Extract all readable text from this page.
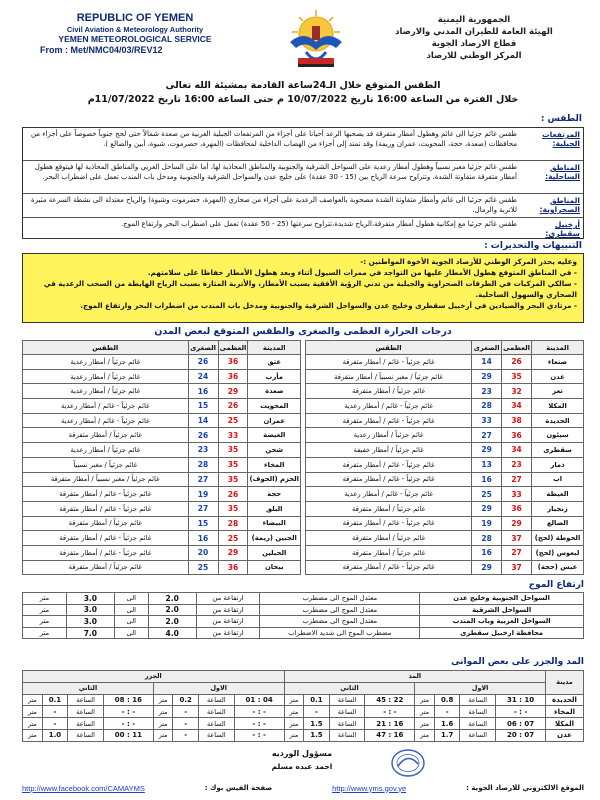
REPUBLIC OF YEMEN
Civil Aviation & Meteorology Authority
YEMEN METEOROLOGICAL SERVICE
From : Met/NMC04/03/REV12
الجمهورية اليمنية
الهيئة العامة للطيران المدني والارصاد
قطاع الارصاد الجوية
المركز الوطني للارصاد
الطقس المتوقع خلال الـ24ساعة القادمة بمشيئة الله تعالى
خلال الفترة من الساعة 16:00 تاريخ 10/07/2022 م حتى الساعة 16:00 تاريخ 11/07/2022م
الطقس :
المرتفعات الجبلية:
طقس غائم جزئيا الى غائم وهطول أمطار متفرقة قد يصحبها الرعد أحيانا على أجزاء من المرتفعات الجبلية الغربية من صعدة شمالاً حتى لحج جنوباً خصوصاً على أجزاء من محافظات (صعدة، حجة، المحويت، عمران وريمة) وقد تمتد إلى أجزاء من الهضاب الداخلية لمحافظات (المهرة، حضرموت، شبوة، أبين والضالع ).
المناطق الساحلية:
طقس غائم جزئيا مغبر نسبياً وهطول أمطار رعدية على السواحل الشرقية والجنوبية والمناطق المحاذية لها، أما على الساحل الغربي والمناطق المحاذية لها فيتوقع هطول أمطار متفرقة متفاوتة الشدة، وتتراوح سرعة الرياح بين (15 - 30 عقدة) على خليج عدن والسواحل الشرقية والجنوبية ومدخل باب المندب تعمل على اضطراب البحر.
المناطق الصحراوية:
طقس غائم جزئيا الى غائم وأمطار متفاوتة الشدة مصحوبة بالعواصف الرعدية على أجزاء من صحاري (المهرة، حضرموت وشبوة) والرياح معتدلة الى نشطة السرعة مثيرة للاتربة والرمال.
أرخبيل سقطرى:
طقس غائم جزئيا مع إمكانية هطول أمطار متفرقة،الرياح شديدة،تتراوح سرعتها (25 - 50 عقدة) تعمل على اضطراب البحر وارتفاع الموج.
التنبيهات والتحذيرات :
وعليه يحذر المركز الوطني للأرصاد الجوية الأخوة المواطنين :-
- في المناطق المتوقع هطول الأمطار عليها من التواجد في ممرات السيول أثناء وبعد هطول الأمطار حفاظا على سلامتهم.
- سالكي المركبات في الطرقات الصحراوية والجبلية من تدني الرؤية الأفقية بسبب الأمطار، والأتربة المثارة بسبب الرياح الهابطة من السحب الرعدية في الصحاري والسهول الساحلية.
- مرتادي البحر والصيادين في أرخبيل سقطرى وخليج عدن والسواحل الشرقية والجنوبية ومدخل باب المندب من اضطراب البحر وارتفاع الموج.
درجات الحرارة العظمى والصغرى والطقس المتوقع لبعض المدن
المدينة	العظمى	الصغرى	الطقس
صنعاء	26	14	غائم جزئياً - غائم / أمطار متفرقة
عدن	35	29	غائم جزئياً / مغبر نسبياً / أمطار متفرقة
تعز	32	23	غائم جزئياً / أمطار متفرقة
المكلا	34	28	غائم جزئياً - غائم / أمطار رعدية
الحديدة	38	33	غائم جزئياً - غائم / أمطار متفرقة
سيئون	36	27	غائم جزئياً / أمطار رعدية
سقطرى	34	29	غائم جزئياً / أمطار خفيفة
ذمار	23	13	غائم جزئياً - غائم / أمطار متفرقة
اب	27	16	غائم جزئياً - غائم / أمطار متفرقة
الغيظة	33	25	غائم جزئياً - غائم / أمطار رعدية
زنجبار	36	29	غائم جزئياً / أمطار متفرقة
الضالع	29	19	غائم جزئياً - غائم / أمطار متفرقة
الحوطة (لحج)	37	28	غائم جزئياً / أمطار متفرقة
لبعوس (لحج)	27	16	غائم جزئياً / أمطار متفرقة
عبس (حجة)	37	29	غائم جزئياً - غائم / أمطار متفرقة
المدينة	العظمى	الصغرى	الطقس
عتق	36	26	غائم جزئياً / أمطار رعدية
مأرب	36	24	غائم جزئياً / أمطار رعدية
صعدة	29	16	غائم جزئياً / أمطار رعدية
المحويت	26	15	غائم جزئياً - غائم / أمطار رعدية
عمران	25	14	غائم جزئياً - غائم / أمطار رعدية
الغيضة	33	26	غائم جزئياً / أمطار متفرقة
شحن	35	23	غائم جزئياً / أمطار رعدية
المخاء	35	28	غائم جزئياً / مغبر نسبياً
الحزم (الجوف)	35	27	غائم جزئياً / مغبر نسبياً / أمطار متفرقة
حجة	26	19	غائم جزئياً - غائم / أمطار متفرقة
البلق	35	27	غائم جزئياً - غائم / أمطار متفرقة
البيضاء	28	15	غائم جزئياً / أمطار متفرقة
الجبين (ريمة)	25	16	غائم جزئياً - غائم / أمطار متفرقة
الحبلين	29	20	غائم جزئياً - غائم / أمطار متفرقة
بيحان	36	25	غائم جزئياً / أمطار متفرقة
ارتفاع الموج
السواحل الجنوبية وخليج عدن	معتدل الموج الى مضطرب	ارتفاعة من	2.0	الى	3.0	متر
السواحل الشرقية	معتدل الموج الى مضطرب	ارتفاعة من	2.0	الى	3.0	متر
السواحل الغربية وباب المندب	معتدل الموج الى مضطرب	ارتفاعة من	2.0	الى	3.0	متر
محافظة ارخبيل سقطرى	مضطرب الموج الى شديد الاضطراب	ارتفاعة من	4.0	الى	7.0	متر
المد والجزر على بعض الموانى
مدينة	المد								الجزر							
	الاول				الثاني				الاول				الثاني			
الحديدة	10 : 31	الساعة	0.8	متر	22 : 45	الساعة	0.1	متر	04 : 01	الساعة	0.2	متر	16 : 08	الساعة	0.1	متر
المخاء	- : -	الساعة	-	متر	- : -	الساعة	-	متر	- : -	الساعة	-	متر	- : -	الساعة	-	متر
المكلا	07 : 06	الساعة	1.6	متر	16 : 21	الساعة	1.5	متر	- : -	الساعة	-	متر	- : -	الساعة	-	متر
عدن	07 : 20	الساعة	1.7	متر	16 : 47	الساعة	1.5	متر	- : -	الساعة	-	متر	11 : 00	الساعة	1.0	متر
مسؤول الورديه
احمد عبده مسلم
http://www.facebook.com/CAMAYMS	صفحة الفيس بوك :	http://www.yms.gov.ye	الموقع الالكتروني للارصاد الجوية :
